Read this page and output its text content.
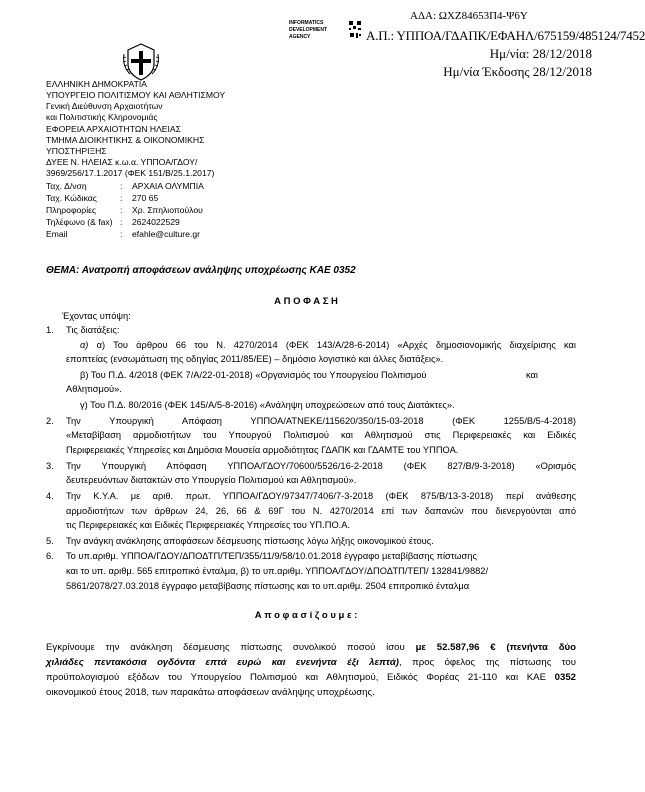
ΑΔΑ: ΩΧΖ84653Π4-Ψ6Υ
INFORMATICS
DEVELOPMENT
AGENCY	Α.Π.: ΥΠΠΟΑ/ΓΔΑΠΚ/ΕΦΑΗΛ/675159/485124/7452
Ημ/νία: 28/12/2018
Ημ/νία Έκδοσης 28/12/2018
ΕΛΛΗΝΙΚΗ ΔΗΜΟΚΡΑΤΙΑ
ΥΠΟΥΡΓΕΙΟ ΠΟΛΙΤΙΣΜΟΥ ΚΑΙ ΑΘΛΗΤΙΣΜΟΥ
Γενική Διεύθυνση Αρχαιοτήτων
και Πολιτιστικής Κληρονομιάς
ΕΦΟΡΕΙΑ ΑΡΧΑΙΟΤΗΤΩΝ ΗΛΕΙΑΣ
ΤΜΗΜΑ ΔΙΟΙΚΗΤΙΚΗΣ & ΟΙΚΟΝΟΜΙΚΗΣ
ΥΠΟΣΤΗΡΙΞΗΣ
ΔΥΕΕ Ν. ΗΛΕΙΑΣ κ.ω.α. ΥΠΠΟΑ/ΓΔΟΥ/
3969/256/17.1.2017 (ΦΕΚ 151/Β/25.1.2017)
Ταχ. Δ/νση	: ΑΡΧΑΙΑ ΟΛΥΜΠΙΑ
Ταχ. Κώδικας	: 270 65
Πληροφορίες	: Χρ. Σπηλιοπούλου
Τηλέφωνο (& fax) : 2624022529
Email	: efahle@culture.gr
ΘΕΜΑ: Ανατροπή αποφάσεων ανάληψης υποχρέωσης ΚΑΕ 0352
Α Π Ο Φ Α Σ Η
Έχοντας υπόψη:
1. Τις διατάξεις:
α) α) Του άρθρου 66 του Ν. 4270/2014 (ΦΕΚ 143/Α/28-6-2014) «Αρχές δημοσιονομικής διαχείρισης και
εποπτείας (ενσωμάτωση της οδηγίας 2011/85/ΕΕ) – δημόσιο λογιστικό και άλλες διατάξεις».
β) Του Π.Δ. 4/2018 (ΦΕΚ 7/Α/22-01-2018) «Οργανισμός του Υπουργείου Πολιτισμού	και
Αθλητισμού».
γ) Του Π.Δ. 80/2016 (ΦΕΚ 145/Α/5-8-2016) «Ανάληψη υποχρεώσεων από τους Διατάκτες».
2. Την Υπουργική Απόφαση ΥΠΠΟΑ/ΑΤΝΕΚΕ/115620/350/15-03-2018 (ΦΕΚ 1255/Β/5-4-2018)
«Μεταβίβαση αρμοδιοτήτων του Υπουργού Πολιτισμού και Αθλητισμού στις Περιφερειακές και Ειδικές
Περιφερειακές Υπηρεσίες και Δημόσια Μουσεία αρμοδιότητας ΓΔΑΠΚ και ΓΔΑΜΤΕ του ΥΠΠΟΑ.
3. Την Υπουργική Απόφαση ΥΠΠΟΑ/ΓΔΟΥ/70600/5526/16-2-2018 (ΦΕΚ 827/Β/9-3-2018) «Ορισμός
δευτερευόντων διατακτών στο Υπουργείο Πολιτισμού και Αθλητισμού».
4. Την Κ.Υ.Α. με αριθ. πρωτ. ΥΠΠΟΑ/ΓΔΟΥ/97347/7406/7-3-2018 (ΦΕΚ 875/Β/13-3-2018) περί ανάθεσης
αρμοδιοτήτων των άρθρων 24, 26, 66 & 69Γ του Ν. 4270/2014 επί των δαπανών που διενεργούνται από
τις Περιφερειακές και Ειδικές Περιφερειακές Υπηρεσίες του ΥΠ.ΠΟ.Α.
5. Την ανάγκη ανάκλησης αποφάσεων δέσμευσης πίστωσης λόγω λήξης οικονομικού έτους.
6. Το υπ.αριθμ. ΥΠΠΟΑ/ΓΔΟΥ/ΔΠΟΔΤΠ/ΤΕΠ/355/11/9/58/10.01.2018 έγγραφο μεταβίβασης πίστωσης
και το υπ. αριθμ. 565 επιτροπικό ένταλμα, β) το υπ.αριθμ. ΥΠΠΟΑ/ΓΔΟΥ/ΔΠΟΔΤΠ/ΤΕΠ/ 132841/9882/
5861/2078/27.03.2018 έγγραφο μεταβίβασης πίστωσης και το υπ.αριθμ. 2504 επιτροπικό ένταλμα
Α π ο φ α σ ί ζ ο υ μ ε :
Εγκρίνουμε την ανάκληση δέσμευσης πίστωσης συνολικού ποσού ίσου με 52.587,96 € (πενήντα δύο
χιλιάδες πεντακόσια ογδόντα επτά ευρώ και ενενήντα έξι λεπτά), προς όφελος της πίστωσης του
προϋπολογισμού εξόδων του Υπουργείου Πολιτισμού και Αθλητισμού, Ειδικός Φορέας 21-110 και ΚΑΕ 0352
οικονομικού έτους 2018, των παρακάτω αποφάσεων ανάληψης υποχρέωσης.
